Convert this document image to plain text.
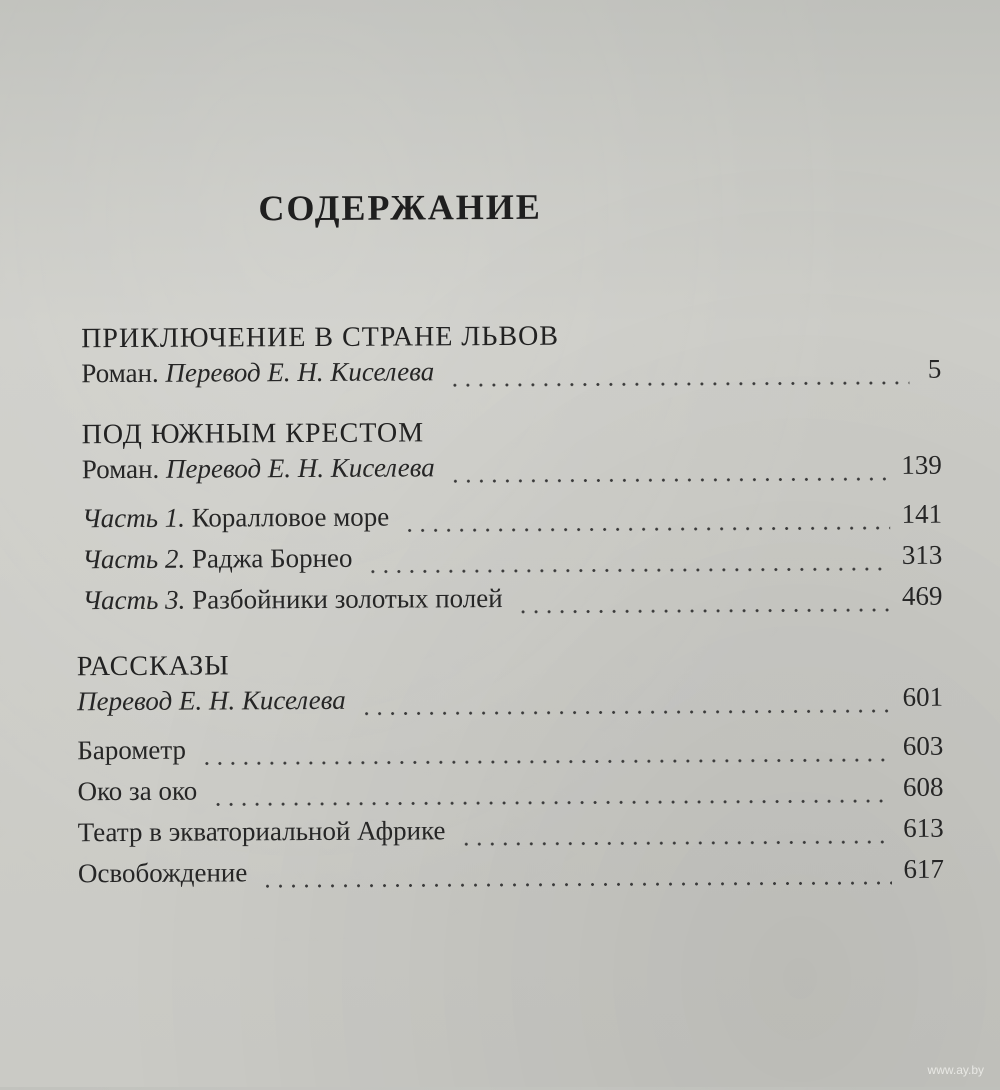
СОДЕРЖАНИЕ
ПРИКЛЮЧЕНИЕ В СТРАНЕ ЛЬВОВ
Роман. Перевод Е. Н. Киселева	5
ПОД ЮЖНЫМ КРЕСТОМ
Роман. Перевод Е. Н. Киселева	139
Часть 1. Коралловое море	141
Часть 2. Раджа Борнео	313
Часть 3. Разбойники золотых полей	469
РАССКАЗЫ
Перевод Е. Н. Киселева	601
Барометр	603
Око за око	608
Театр в экваториальной Африке	613
Освобождение	617
www.ay.by
